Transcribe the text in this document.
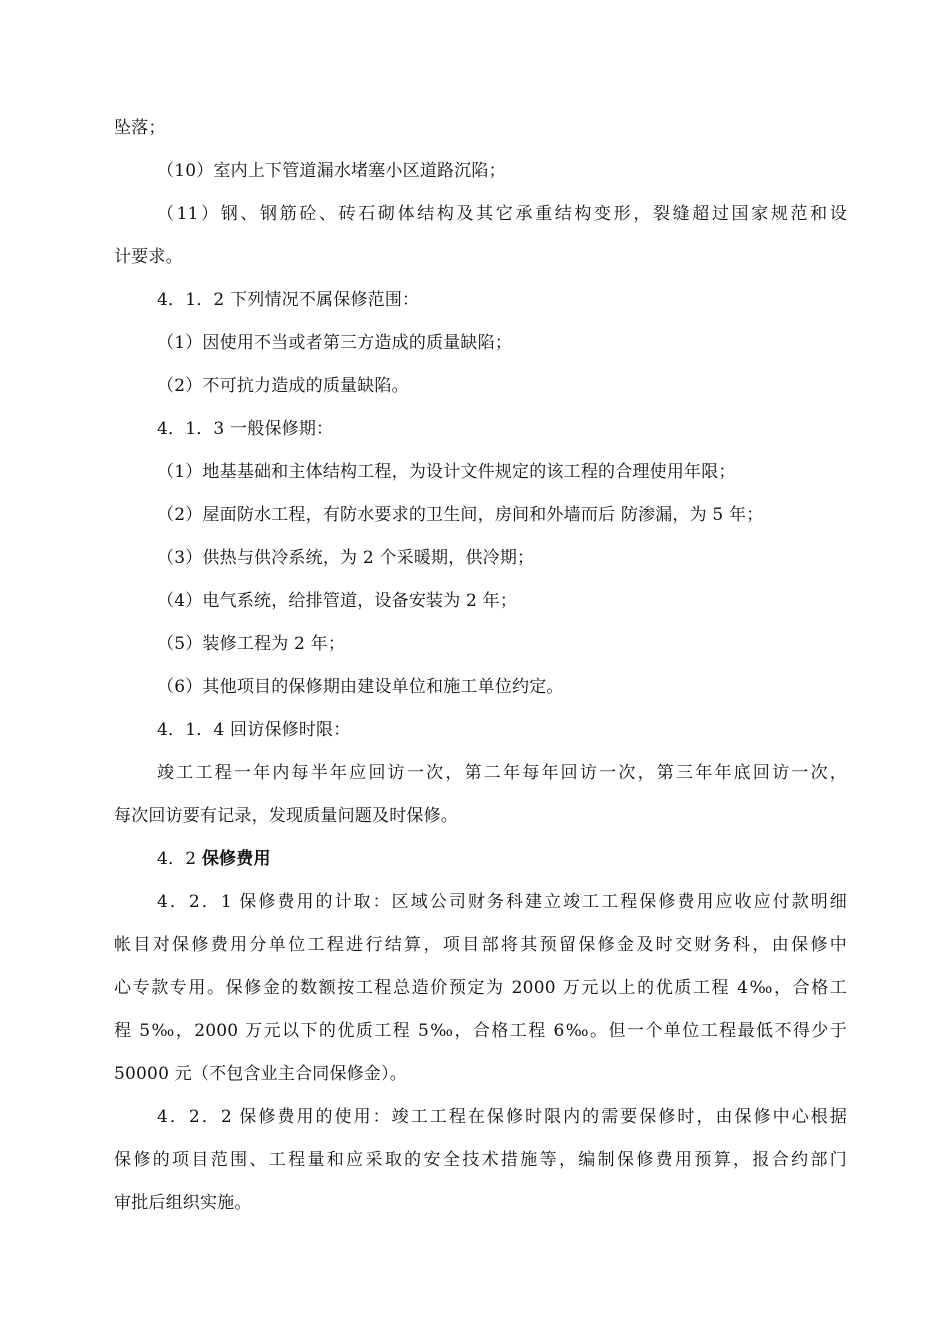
坠落；
（10）室内上下管道漏水堵塞小区道路沉陷；
（11）钢、钢筋砼、砖石砌体结构及其它承重结构变形，裂缝超过国家规范和设
计要求。
4．1．2 下列情况不属保修范围：
（1）因使用不当或者第三方造成的质量缺陷；
（2）不可抗力造成的质量缺陷。
4．1．3 一般保修期：
（1）地基基础和主体结构工程，为设计文件规定的该工程的合理使用年限；
（2）屋面防水工程，有防水要求的卫生间，房间和外墙而后 防渗漏，为 5 年；
（3）供热与供冷系统，为 2 个采暖期，供冷期；
（4）电气系统，给排管道，设备安装为 2 年；
（5）装修工程为 2 年；
（6）其他项目的保修期由建设单位和施工单位约定。
4．1．4 回访保修时限：
竣工工程一年内每半年应回访一次，第二年每年回访一次，第三年年底回访一次，
每次回访要有记录，发现质量问题及时保修。
4．2 保修费用
4．2．1 保修费用的计取：区域公司财务科建立竣工工程保修费用应收应付款明细
帐目对保修费用分单位工程进行结算，项目部将其预留保修金及时交财务科，由保修中
心专款专用。保修金的数额按工程总造价预定为 2000 万元以上的优质工程 4‰，合格工
程 5‰，2000 万元以下的优质工程 5‰，合格工程 6‰。但一个单位工程最低不得少于
50000 元（不包含业主合同保修金）。
4．2．2 保修费用的使用：竣工工程在保修时限内的需要保修时，由保修中心根据
保修的项目范围、工程量和应采取的安全技术措施等，编制保修费用预算，报合约部门
审批后组织实施。
